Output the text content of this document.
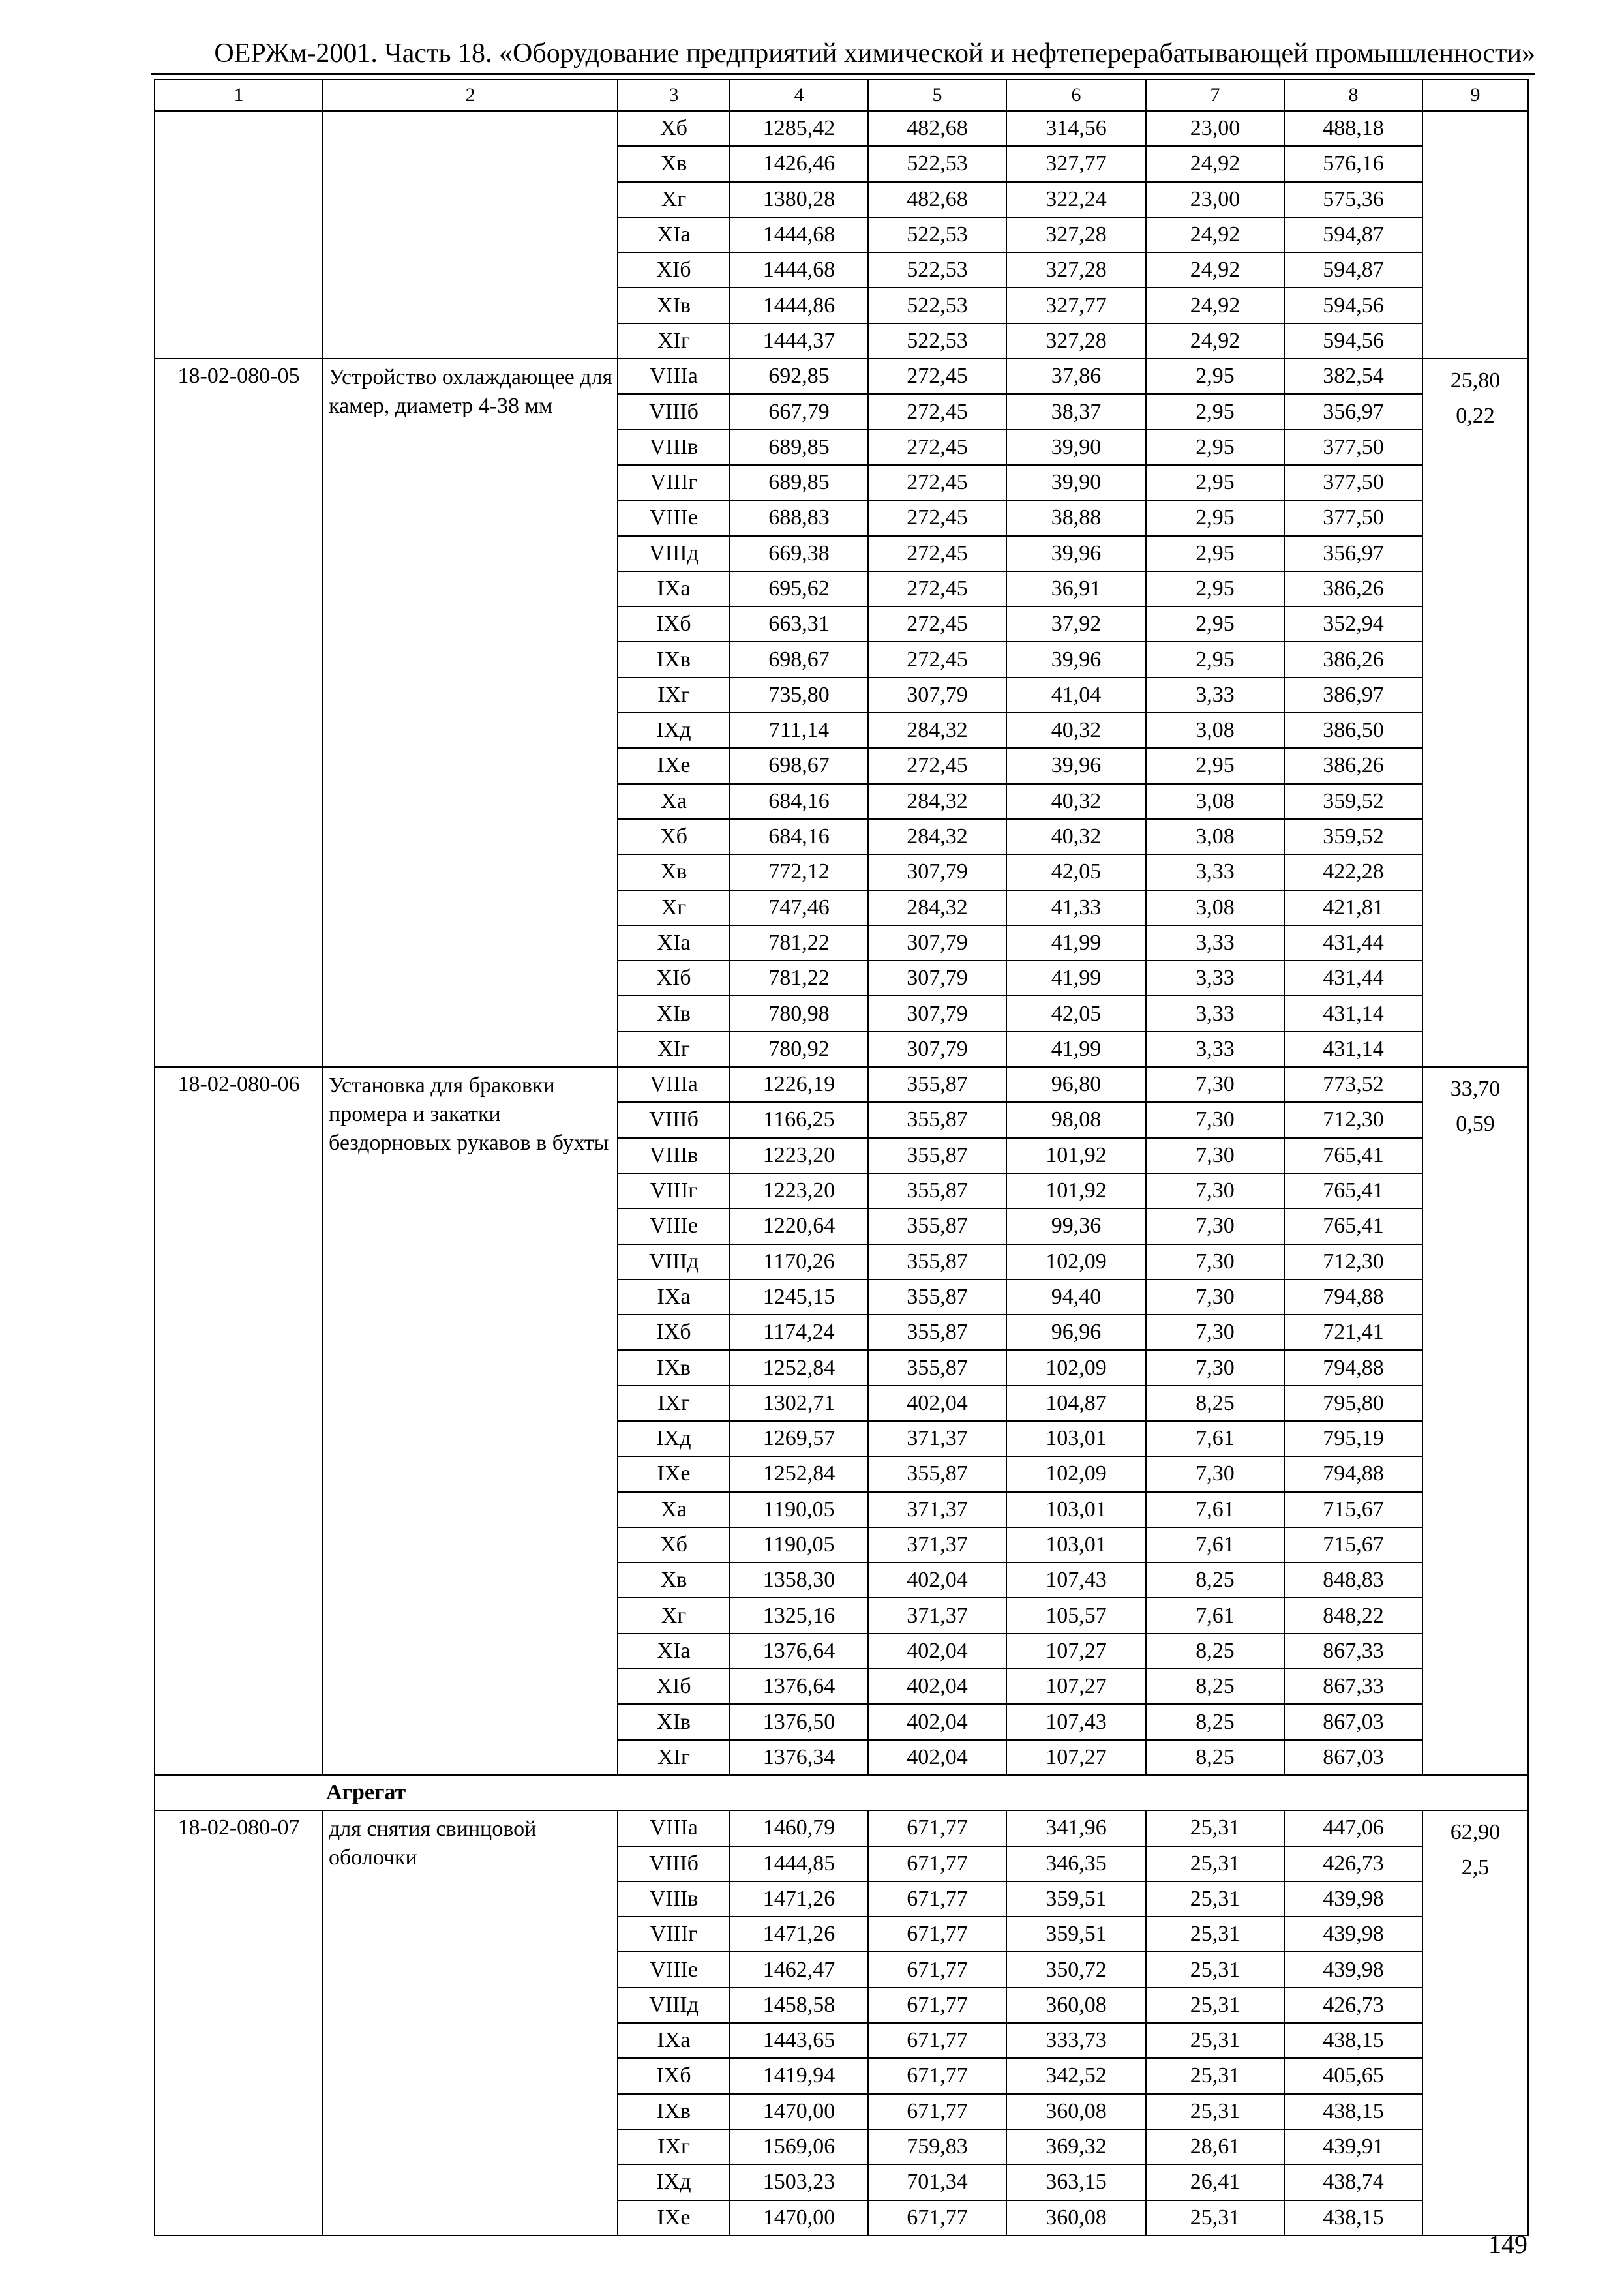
ОЕРЖм-2001. Часть 18. «Оборудование предприятий химической и нефтеперерабатывающей промышленности»
1	2	3	4	5	6	7	8	9
		Xб	1285,42	482,68	314,56	23,00	488,18	
		Xв	1426,46	522,53	327,77	24,92	576,16	
		Xг	1380,28	482,68	322,24	23,00	575,36	
		XIа	1444,68	522,53	327,28	24,92	594,87	
		XIб	1444,68	522,53	327,28	24,92	594,87	
		XIв	1444,86	522,53	327,77	24,92	594,56	
		XIг	1444,37	522,53	327,28	24,92	594,56	
18-02-080-05	Устройство охлаждающее для камер, диаметр 4-38 мм	VIIIа	692,85	272,45	37,86	2,95	382,54	25,80
0,22

		VIIIб	667,79	272,45	38,37	2,95	356,97	
		VIIIв	689,85	272,45	39,90	2,95	377,50	
		VIIIг	689,85	272,45	39,90	2,95	377,50	
		VIIIе	688,83	272,45	38,88	2,95	377,50	
		VIIIд	669,38	272,45	39,96	2,95	356,97	
		IXа	695,62	272,45	36,91	2,95	386,26	
		IXб	663,31	272,45	37,92	2,95	352,94	
		IXв	698,67	272,45	39,96	2,95	386,26	
		IXг	735,80	307,79	41,04	3,33	386,97	
		IXд	711,14	284,32	40,32	3,08	386,50	
		IXе	698,67	272,45	39,96	2,95	386,26	
		Xа	684,16	284,32	40,32	3,08	359,52	
		Xб	684,16	284,32	40,32	3,08	359,52	
		Xв	772,12	307,79	42,05	3,33	422,28	
		Xг	747,46	284,32	41,33	3,08	421,81	
		XIа	781,22	307,79	41,99	3,33	431,44	
		XIб	781,22	307,79	41,99	3,33	431,44	
		XIв	780,98	307,79	42,05	3,33	431,14	
		XIг	780,92	307,79	41,99	3,33	431,14	
18-02-080-06	Установка для браковки промера и закатки бездорновых рукавов в бухты	VIIIа	1226,19	355,87	96,80	7,30	773,52	33,70
0,59

		VIIIб	1166,25	355,87	98,08	7,30	712,30	
		VIIIв	1223,20	355,87	101,92	7,30	765,41	
		VIIIг	1223,20	355,87	101,92	7,30	765,41	
		VIIIе	1220,64	355,87	99,36	7,30	765,41	
		VIIIд	1170,26	355,87	102,09	7,30	712,30	
		IXа	1245,15	355,87	94,40	7,30	794,88	
		IXб	1174,24	355,87	96,96	7,30	721,41	
		IXв	1252,84	355,87	102,09	7,30	794,88	
		IXг	1302,71	402,04	104,87	8,25	795,80	
		IXд	1269,57	371,37	103,01	7,61	795,19	
		IXе	1252,84	355,87	102,09	7,30	794,88	
		Xа	1190,05	371,37	103,01	7,61	715,67	
		Xб	1190,05	371,37	103,01	7,61	715,67	
		Xв	1358,30	402,04	107,43	8,25	848,83	
		Xг	1325,16	371,37	105,57	7,61	848,22	
		XIа	1376,64	402,04	107,27	8,25	867,33	
		XIб	1376,64	402,04	107,27	8,25	867,33	
		XIв	1376,50	402,04	107,43	8,25	867,03	
		XIг	1376,34	402,04	107,27	8,25	867,03	
Агрегат								
18-02-080-07	для снятия свинцовой оболочки	VIIIа	1460,79	671,77	341,96	25,31	447,06	62,90
2,5

		VIIIб	1444,85	671,77	346,35	25,31	426,73	
		VIIIв	1471,26	671,77	359,51	25,31	439,98	
		VIIIг	1471,26	671,77	359,51	25,31	439,98	
		VIIIе	1462,47	671,77	350,72	25,31	439,98	
		VIIIд	1458,58	671,77	360,08	25,31	426,73	
		IXа	1443,65	671,77	333,73	25,31	438,15	
		IXб	1419,94	671,77	342,52	25,31	405,65	
		IXв	1470,00	671,77	360,08	25,31	438,15	
		IXг	1569,06	759,83	369,32	28,61	439,91	
		IXд	1503,23	701,34	363,15	26,41	438,74	
		IXе	1470,00	671,77	360,08	25,31	438,15	
149
